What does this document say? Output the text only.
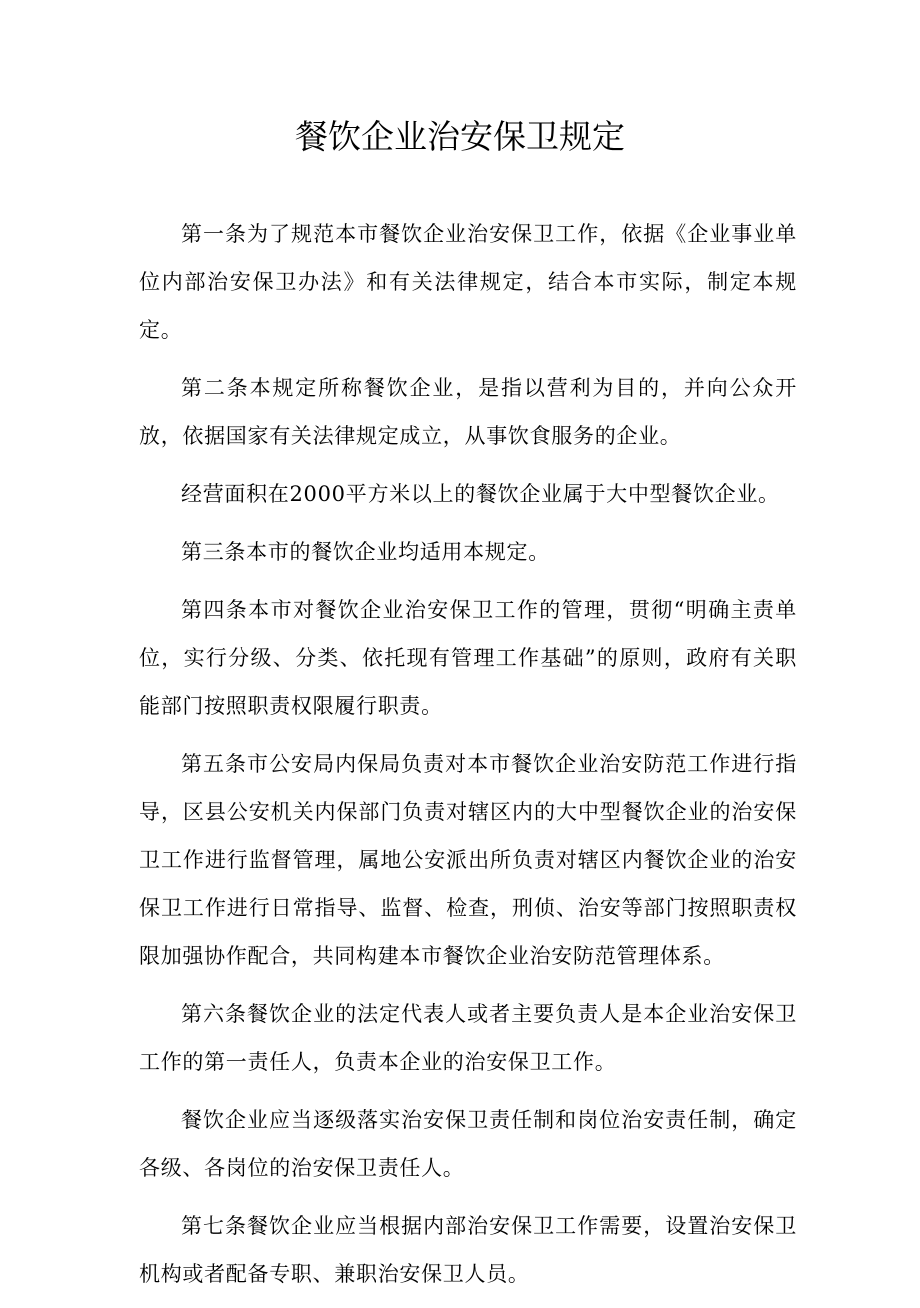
餐饮企业治安保卫规定

第一条为了规范本市餐饮企业治安保卫工作，依据《企业事业单位内部治安保卫办法》和有关法律规定，结合本市实际，制定本规定。

第二条本规定所称餐饮企业，是指以营利为目的，并向公众开放，依据国家有关法律规定成立，从事饮食服务的企业。

经营面积在2000平方米以上的餐饮企业属于大中型餐饮企业。

第三条本市的餐饮企业均适用本规定。

第四条本市对餐饮企业治安保卫工作的管理，贯彻“明确主责单位，实行分级、分类、依托现有管理工作基础”的原则，政府有关职能部门按照职责权限履行职责。

第五条市公安局内保局负责对本市餐饮企业治安防范工作进行指导，区县公安机关内保部门负责对辖区内的大中型餐饮企业的治安保卫工作进行监督管理，属地公安派出所负责对辖区内餐饮企业的治安保卫工作进行日常指导、监督、检查，刑侦、治安等部门按照职责权限加强协作配合，共同构建本市餐饮企业治安防范管理体系。

第六条餐饮企业的法定代表人或者主要负责人是本企业治安保卫工作的第一责任人，负责本企业的治安保卫工作。

餐饮企业应当逐级落实治安保卫责任制和岗位治安责任制，确定各级、各岗位的治安保卫责任人。

第七条餐饮企业应当根据内部治安保卫工作需要，设置治安保卫机构或者配备专职、兼职治安保卫人员。
